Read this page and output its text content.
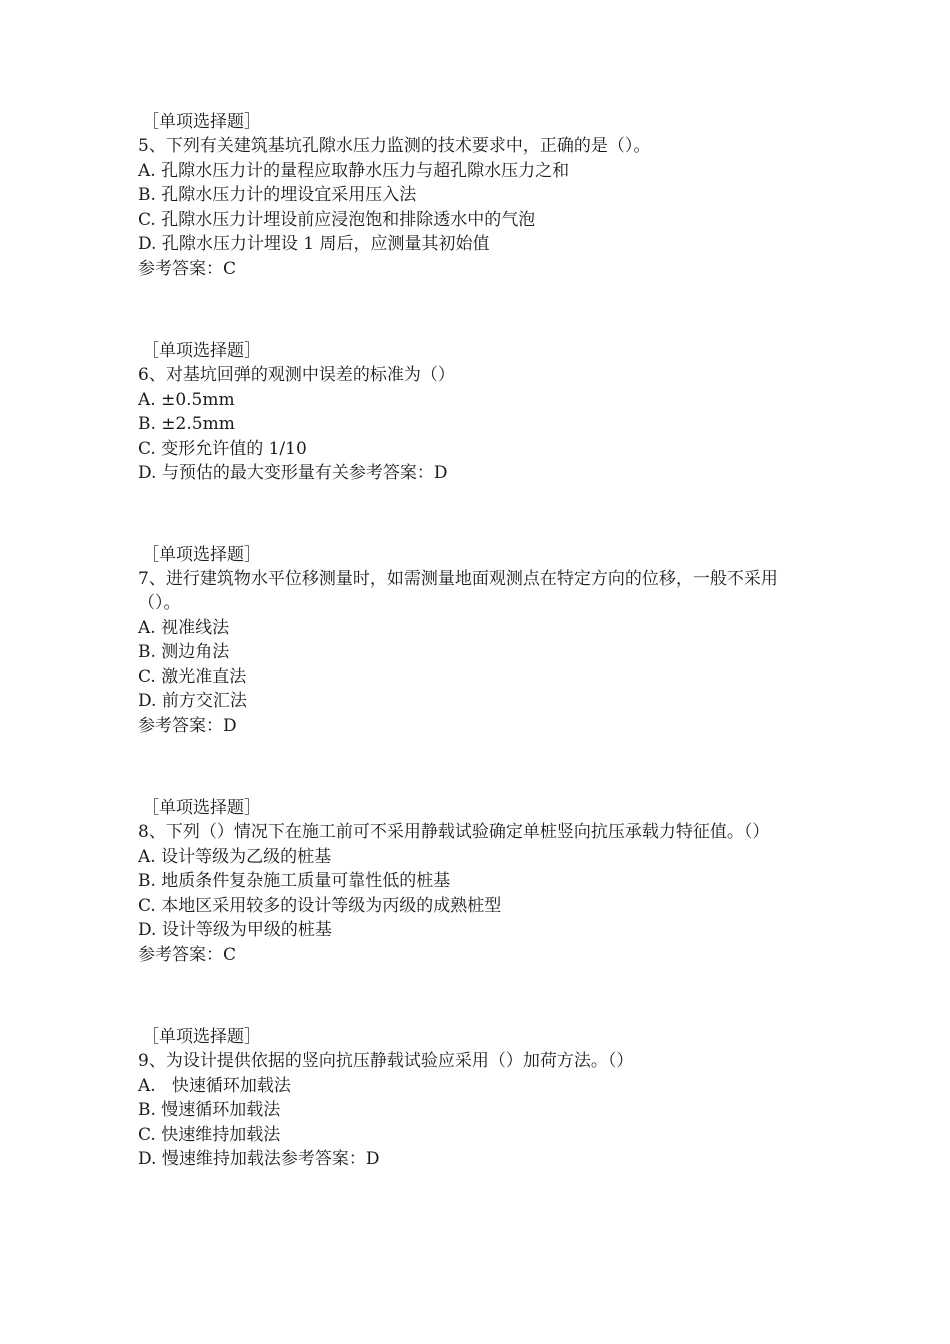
［单项选择题］
5、下列有关建筑基坑孔隙水压力监测的技术要求中，正确的是（）。
A. 孔隙水压力计的量程应取静水压力与超孔隙水压力之和
B. 孔隙水压力计的埋设宜采用压入法
C. 孔隙水压力计埋设前应浸泡饱和排除透水中的气泡
D. 孔隙水压力计埋设 1 周后，应测量其初始值
参考答案：C
［单项选择题］
6、对基坑回弹的观测中误差的标准为（）
A. ±0.5mm
B. ±2.5mm
C. 变形允许值的 1/10
D. 与预估的最大变形量有关参考答案：D
［单项选择题］
7、进行建筑物水平位移测量时，如需测量地面观测点在特定方向的位移，一般不采用（）。
A. 视准线法
B. 测边角法
C. 激光准直法
D. 前方交汇法
参考答案：D
［单项选择题］
8、下列（）情况下在施工前可不采用静载试验确定单桩竖向抗压承载力特征值。（）
A. 设计等级为乙级的桩基
B. 地质条件复杂施工质量可靠性低的桩基
C. 本地区采用较多的设计等级为丙级的成熟桩型
D. 设计等级为甲级的桩基
参考答案：C
［单项选择题］
9、为设计提供依据的竖向抗压静载试验应采用（）加荷方法。（）
A.   快速循环加载法
B. 慢速循环加载法
C. 快速维持加载法
D. 慢速维持加载法参考答案：D
